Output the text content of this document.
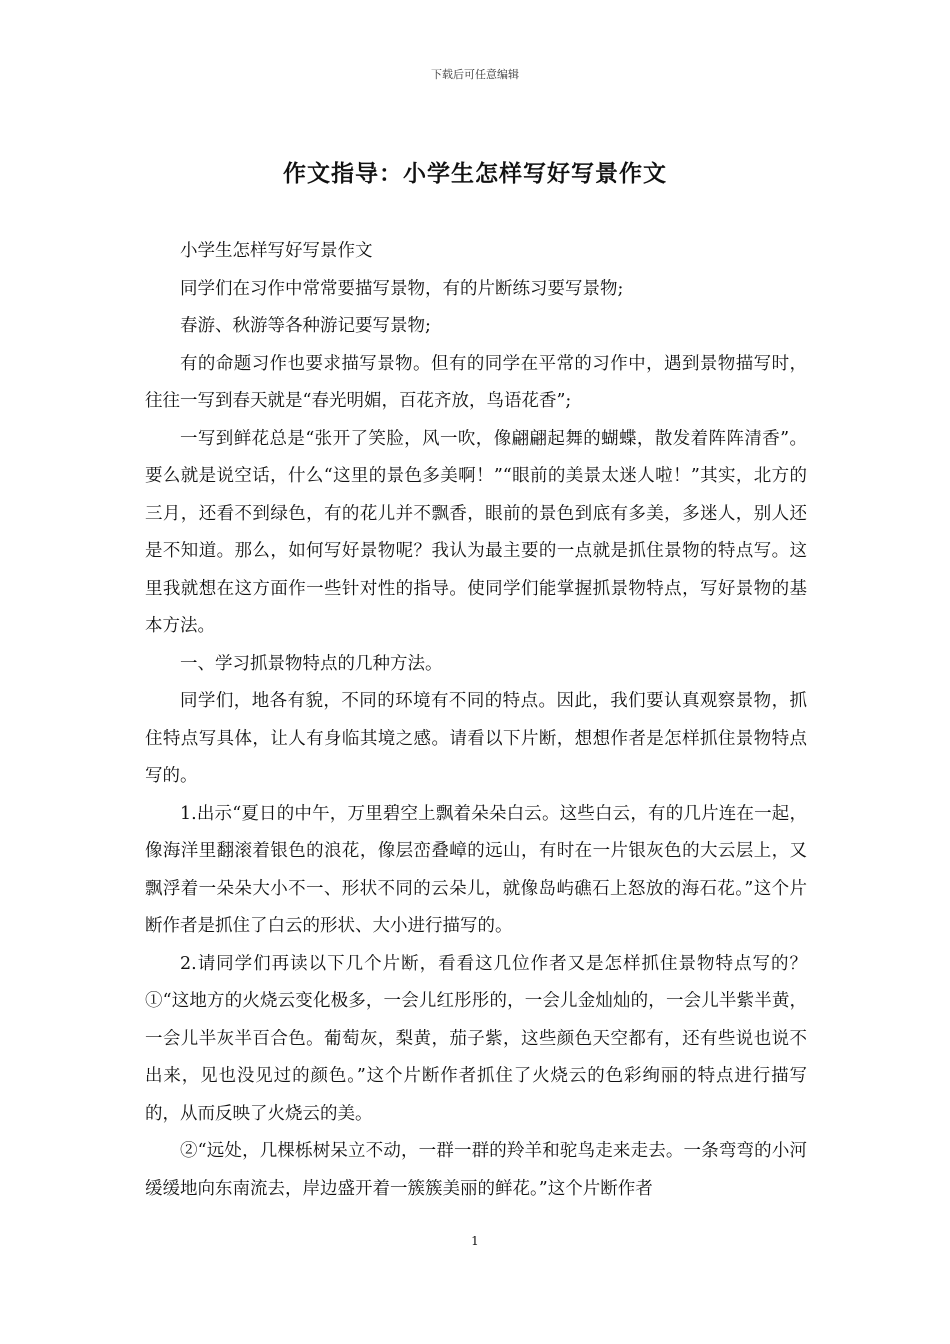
下载后可任意编辑
作文指导：小学生怎样写好写景作文

小学生怎样写好写景作文

同学们在习作中常常要描写景物，有的片断练习要写景物;

春游、秋游等各种游记要写景物;

有的命题习作也要求描写景物。但有的同学在平常的习作中，遇到景物描写时，往往一写到春天就是“春光明媚，百花齐放，鸟语花香”;

一写到鲜花总是“张开了笑脸，风一吹，像翩翩起舞的蝴蝶，散发着阵阵清香”。要么就是说空话，什么“这里的景色多美啊！”“眼前的美景太迷人啦！”其实，北方的三月，还看不到绿色，有的花儿并不飘香，眼前的景色到底有多美，多迷人，别人还是不知道。那么，如何写好景物呢？我认为最主要的一点就是抓住景物的特点写。这里我就想在这方面作一些针对性的指导。使同学们能掌握抓景物特点，写好景物的基本方法。

一、学习抓景物特点的几种方法。

同学们，地各有貌，不同的环境有不同的特点。因此，我们要认真观察景物，抓住特点写具体，让人有身临其境之感。请看以下片断，想想作者是怎样抓住景物特点写的。

1.出示“夏日的中午，万里碧空上飘着朵朵白云。这些白云，有的几片连在一起，像海洋里翻滚着银色的浪花，像层峦叠嶂的远山，有时在一片银灰色的大云层上，又飘浮着一朵朵大小不一、形状不同的云朵儿，就像岛屿礁石上怒放的海石花。”这个片断作者是抓住了白云的形状、大小进行描写的。

2.请同学们再读以下几个片断，看看这几位作者又是怎样抓住景物特点写的？①“这地方的火烧云变化极多，一会儿红彤彤的，一会儿金灿灿的，一会儿半紫半黄，一会儿半灰半百合色。葡萄灰，梨黄，茄子紫，这些颜色天空都有，还有些说也说不出来，见也没见过的颜色。”这个片断作者抓住了火烧云的色彩绚丽的特点进行描写的，从而反映了火烧云的美。

②“远处，几棵栎树呆立不动，一群一群的羚羊和驼鸟走来走去。一条弯弯的小河缓缓地向东南流去，岸边盛开着一簇簇美丽的鲜花。”这个片断作者

1
